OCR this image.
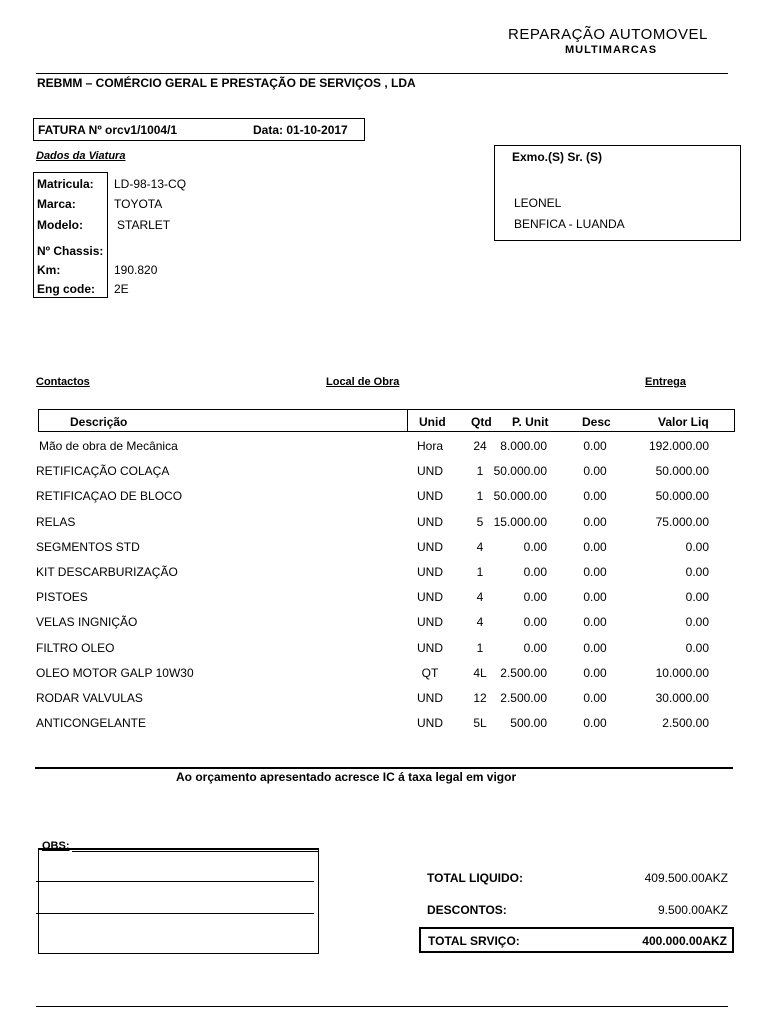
REPARAÇÃO AUTOMOVEL
MULTIMARCAS
REBMM – COMÉRCIO GERAL E PRESTAÇÃO DE SERVIÇOS , LDA
FATURA Nº orcv1/1004/1	Data: 01-10-2017
Dados da Viatura
Matricula: LD-98-13-CQ
Marca:	TOYOTA
Modelo:	STARLET
Nº Chassis:
Km:	190.820
Eng code: 2E
Exmo.(S) Sr. (S)
LEONEL
BENFICA - LUANDA
Contactos	Local de Obra	Entrega
Descrição	Unid Qtd P. Unit	Desc	Valor Liq
Mão de obra de Mecânica	Hora	24	8.000.00	0.00	192.000.00
RETIFICAÇÃO COLAÇA	UND	1 50.000.00	0.00	50.000.00
RETIFICAÇAO DE BLOCO	UND	1 50.000.00	0.00	50.000.00
RELAS	UND	5 15.000.00	0.00	75.000.00
SEGMENTOS STD	UND	4	0.00	0.00	0.00
KIT DESCARBURIZAÇÃO	UND	1	0.00	0.00	0.00
PISTOES	UND	4	0.00	0.00	0.00
VELAS INGNIÇÃO	UND	4	0.00	0.00	0.00
FILTRO OLEO	UND	1	0.00	0.00	0.00
OLEO MOTOR GALP 10W30	QT	4L	2.500.00	0.00	10.000.00
RODAR VALVULAS	UND	12	2.500.00	0.00	30.000.00
ANTICONGELANTE	UND	5L	500.00	0.00	2.500.00
Ao orçamento apresentado acresce IC á taxa legal em vigor
OBS:
TOTAL LIQUIDO:	409.500.00AKZ
DESCONTOS:	9.500.00AKZ
TOTAL SRVIÇO:	400.000.00AKZ
